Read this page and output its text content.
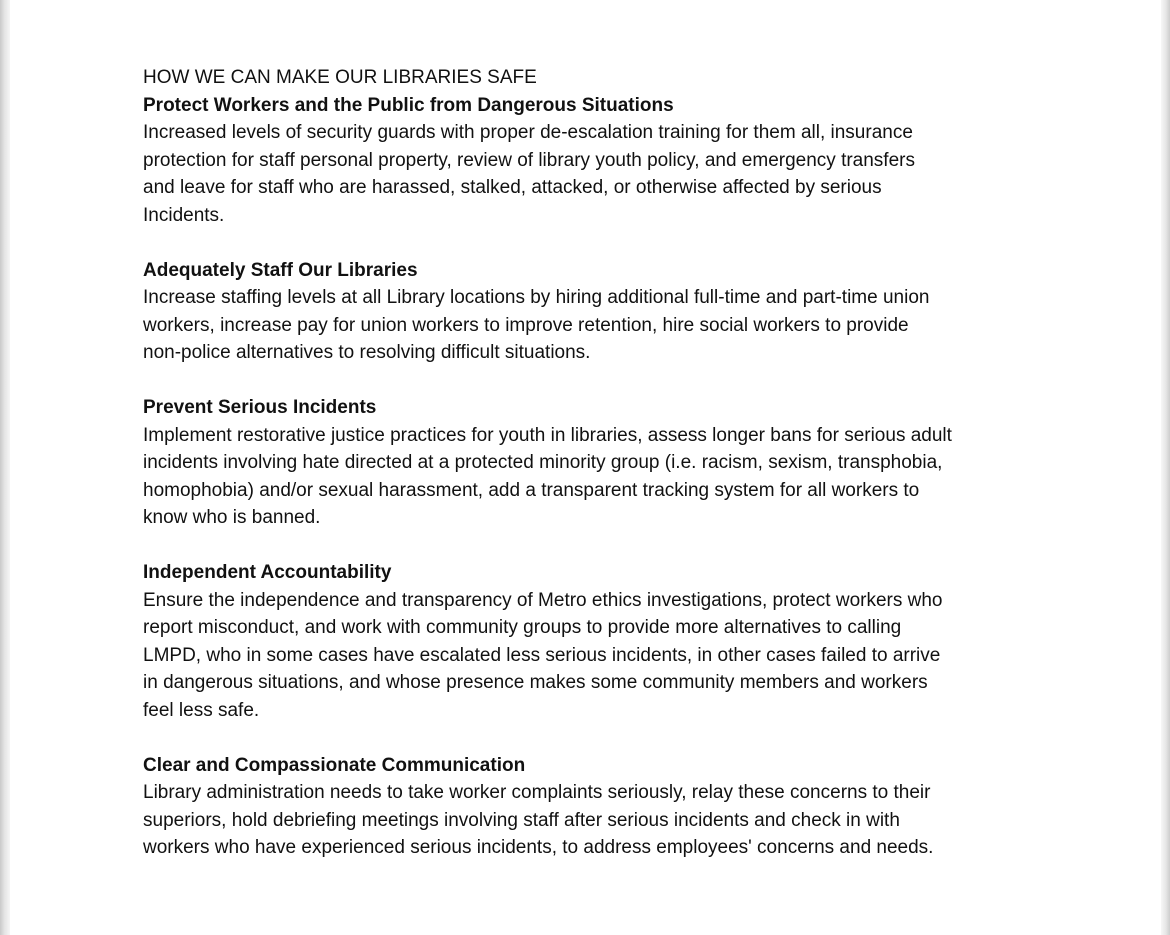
HOW WE CAN MAKE OUR LIBRARIES SAFE

Protect Workers and the Public from Dangerous Situations

Increased levels of security guards with proper de-escalation training for them all, insurance
protection for staff personal property, review of library youth policy, and emergency transfers
and leave for staff who are harassed, stalked, attacked, or otherwise affected by serious
Incidents.

Adequately Staff Our Libraries

Increase staffing levels at all Library locations by hiring additional full-time and part-time union
workers, increase pay for union workers to improve retention, hire social workers to provide
non-police alternatives to resolving difficult situations.

Prevent Serious Incidents

Implement restorative justice practices for youth in libraries, assess longer bans for serious adult
incidents involving hate directed at a protected minority group (i.e. racism, sexism, transphobia,
homophobia) and/or sexual harassment, add a transparent tracking system for all workers to
know who is banned.

Independent Accountability

Ensure the independence and transparency of Metro ethics investigations, protect workers who
report misconduct, and work with community groups to provide more alternatives to calling
LMPD, who in some cases have escalated less serious incidents, in other cases failed to arrive
in dangerous situations, and whose presence makes some community members and workers
feel less safe.

Clear and Compassionate Communication

Library administration needs to take worker complaints seriously, relay these concerns to their
superiors, hold debriefing meetings involving staff after serious incidents and check in with
workers who have experienced serious incidents, to address employees' concerns and needs.
